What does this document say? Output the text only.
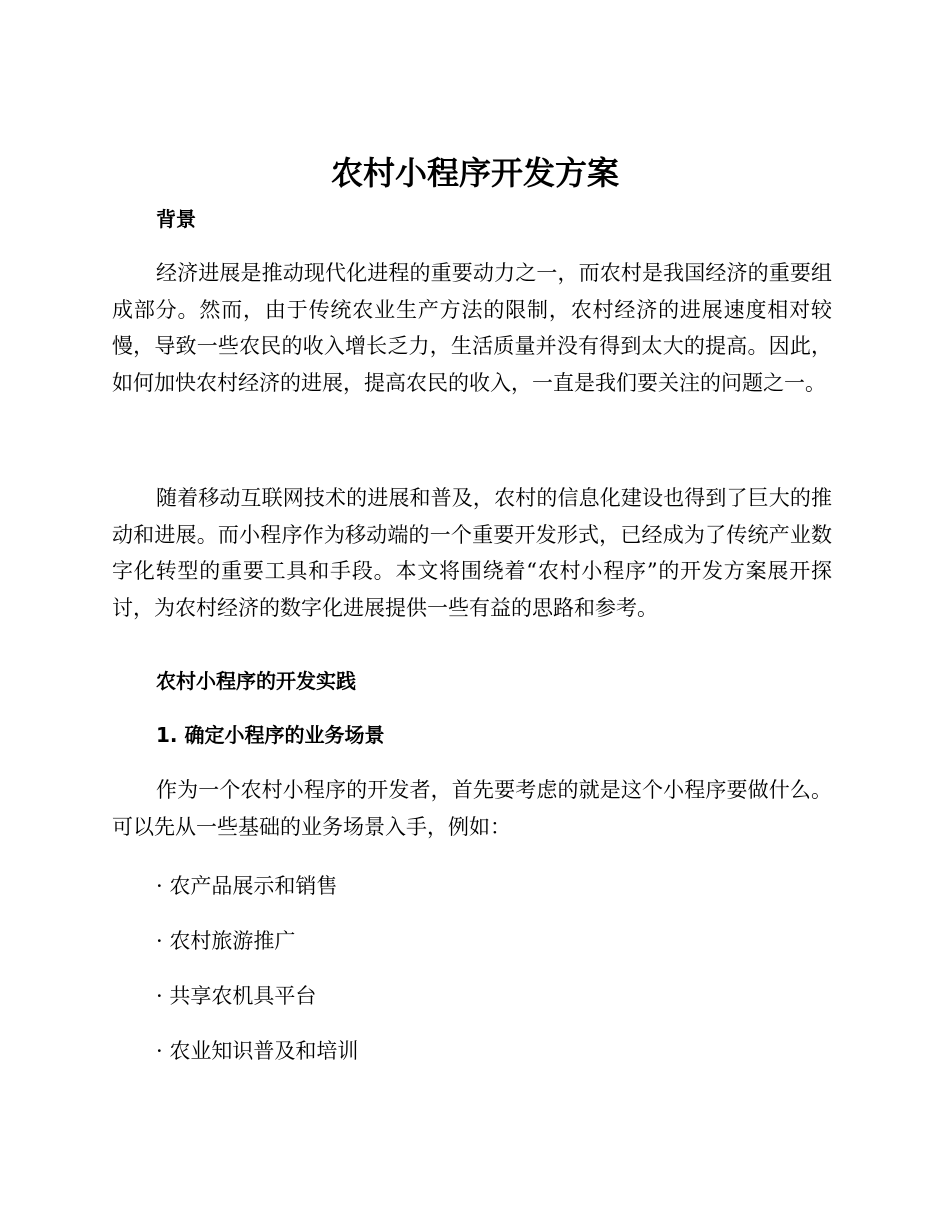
农村小程序开发方案
背景

经济进展是推动现代化进程的重要动力之一，而农村是我国经济的重要组成部分。然而，由于传统农业生产方法的限制，农村经济的进展速度相对较慢，导致一些农民的收入增长乏力，生活质量并没有得到太大的提高。因此，如何加快农村经济的进展，提高农民的收入，一直是我们要关注的问题之一。

随着移动互联网技术的进展和普及，农村的信息化建设也得到了巨大的推动和进展。而小程序作为移动端的一个重要开发形式，已经成为了传统产业数字化转型的重要工具和手段。本文将围绕着“农村小程序”的开发方案展开探讨，为农村经济的数字化进展提供一些有益的思路和参考。

农村小程序的开发实践
1. 确定小程序的业务场景

作为一个农村小程序的开发者，首先要考虑的就是这个小程序要做什么。可以先从一些基础的业务场景入手，例如：

· 农产品展示和销售

· 农村旅游推广

· 共享农机具平台

· 农业知识普及和培训
